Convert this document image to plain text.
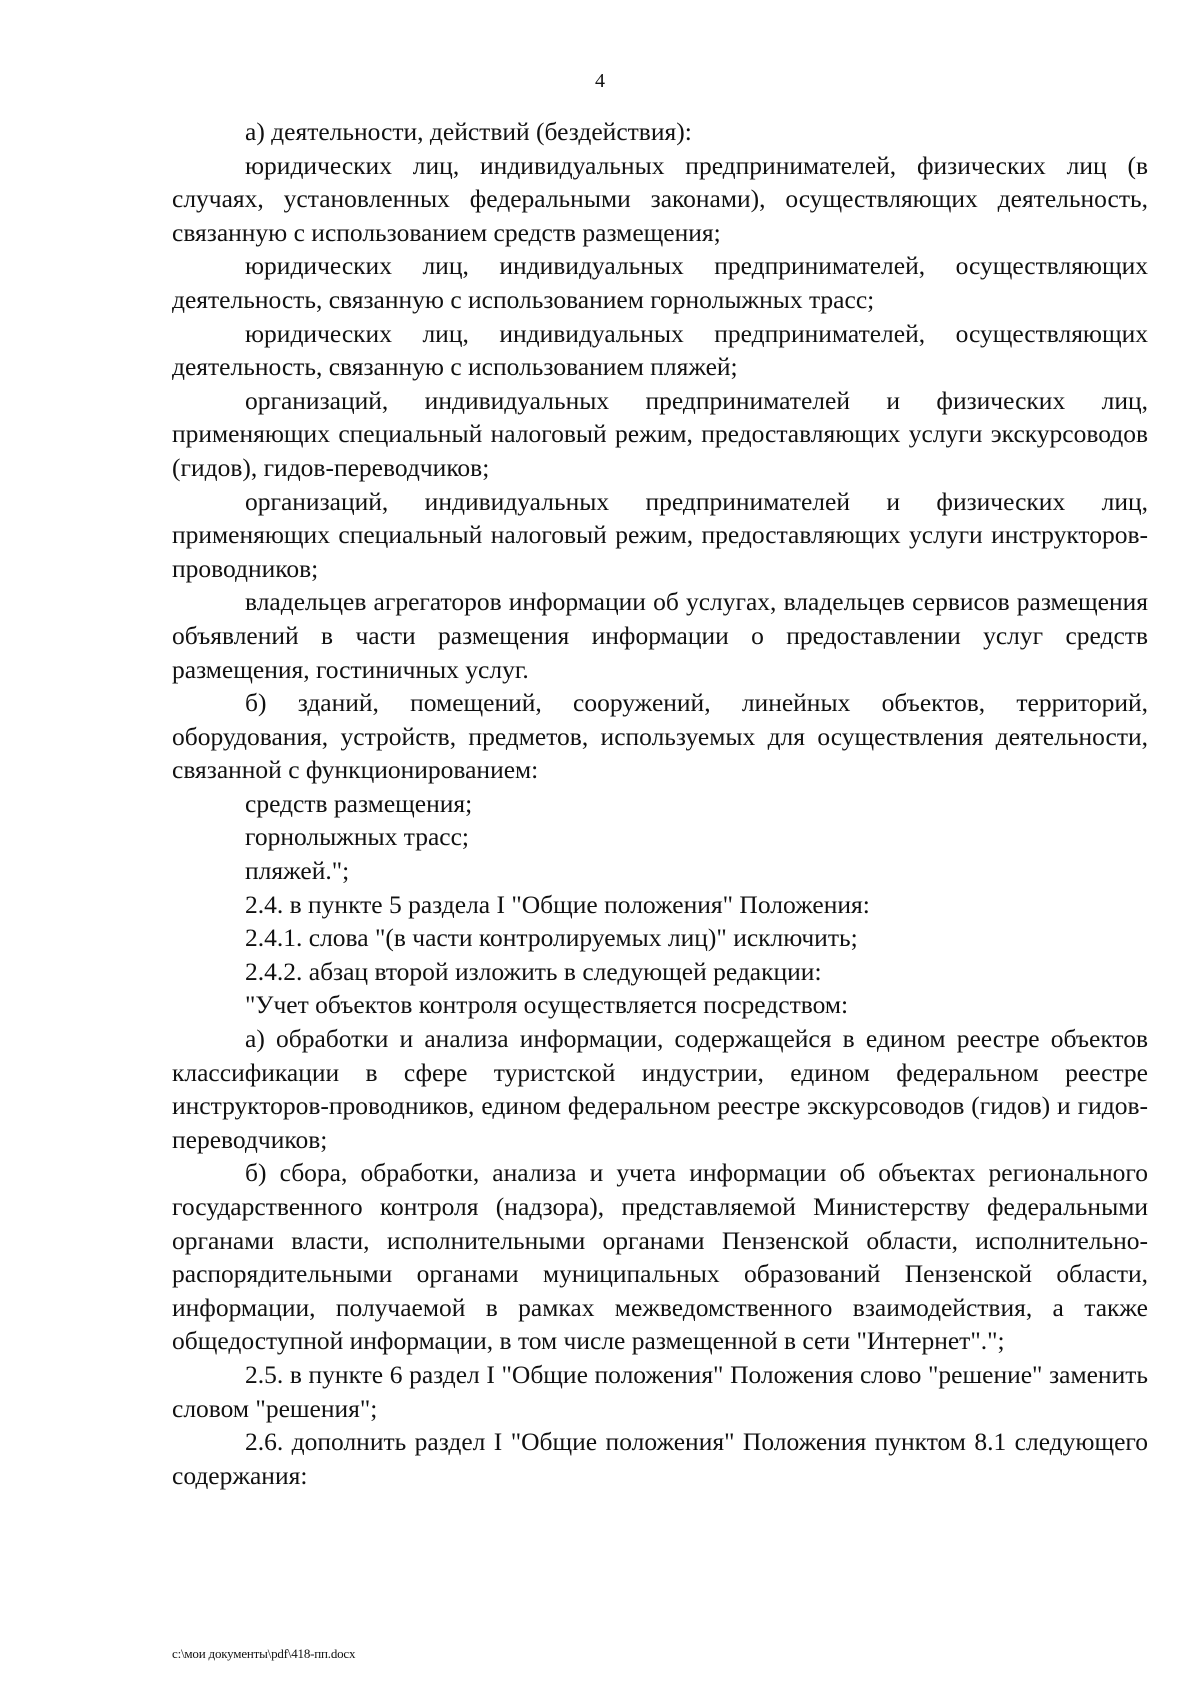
4

а) деятельности, действий (бездействия):

юридических лиц, индивидуальных предпринимателей, физических лиц (в случаях, установленных федеральными законами), осуществляющих деятельность, связанную с использованием средств размещения;

юридических лиц, индивидуальных предпринимателей, осуществляющих деятельность, связанную с использованием горнолыжных трасс;

юридических лиц, индивидуальных предпринимателей, осуществляющих деятельность, связанную с использованием пляжей;

организаций, индивидуальных предпринимателей и физических лиц, применяющих специальный налоговый режим, предоставляющих услуги экскурсоводов (гидов), гидов-переводчиков;

организаций, индивидуальных предпринимателей и физических лиц, применяющих специальный налоговый режим, предоставляющих услуги инструкторов-проводников;

владельцев агрегаторов информации об услугах, владельцев сервисов размещения объявлений в части размещения информации о предоставлении услуг средств размещения, гостиничных услуг.

б) зданий, помещений, сооружений, линейных объектов, территорий, оборудования, устройств, предметов, используемых для осуществления деятельности, связанной с функционированием:

средств размещения;

горнолыжных трасс;

пляжей.";

2.4. в пункте 5 раздела I "Общие положения" Положения:

2.4.1. слова "(в части контролируемых лиц)" исключить;

2.4.2. абзац второй изложить в следующей редакции:

"Учет объектов контроля осуществляется посредством:

а) обработки и анализа информации, содержащейся в едином реестре объектов классификации в сфере туристской индустрии, едином федеральном реестре инструкторов-проводников, едином федеральном реестре экскурсоводов (гидов) и гидов-переводчиков;

б) сбора, обработки, анализа и учета информации об объектах регионального государственного контроля (надзора), представляемой Министерству федеральными органами власти, исполнительными органами Пензенской области, исполнительно-распорядительными органами муниципальных образований Пензенской области, информации, получаемой в рамках межведомственного взаимодействия, а также общедоступной информации, в том числе размещенной в сети "Интернет".";

2.5. в пункте 6 раздел I "Общие положения" Положения слово "решение" заменить словом "решения";

2.6. дополнить раздел I "Общие положения" Положения пунктом 8.1 следующего содержания:

c:\мои документы\pdf\418-пп.docx
